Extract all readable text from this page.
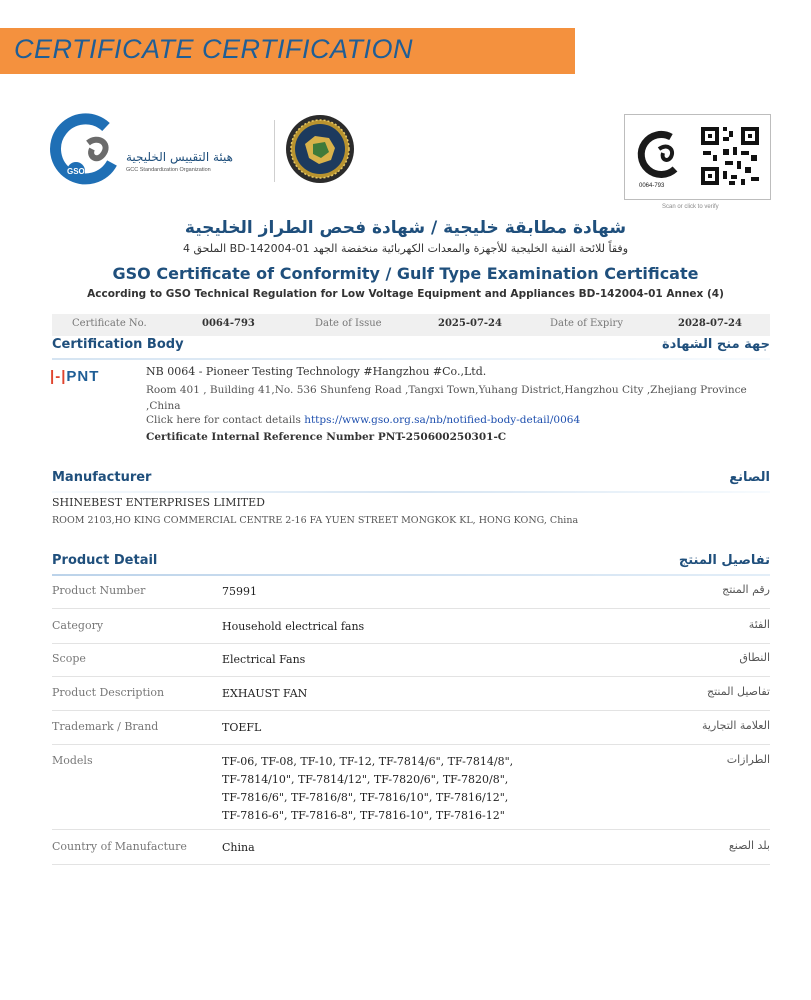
CERTIFICATE CERTIFICATION
GSO
هيئة التقييس الخليجية
GCC Standardization Organization
0064-793
Scan or click to verify
شهادة مطابقة خليجية / شهادة فحص الطراز الخليجية
وفقاً للائحة الفنية الخليجية للأجهزة والمعدات الكهربائية منخفضة الجهد BD-142004-01 الملحق 4
GSO Certificate of Conformity / Gulf Type Examination Certificate
According to GSO Technical Regulation for Low Voltage Equipment and Appliances BD-142004-01 Annex (4)
Certificate No.	0064-793	Date of Issue	2025-07-24	Date of Expiry	2028-07-24
Certification Body	جهة منح الشهادة
|-|PNT	NB 0064 - Pioneer Testing Technology #Hangzhou #Co.,Ltd.
Room 401 , Building 41,No. 536 Shunfeng Road ,Tangxi Town,Yuhang District,Hangzhou City ,Zhejiang Province ,China
Click here for contact details https://www.gso.org.sa/nb/notified-body-detail/0064
Certificate Internal Reference Number PNT-250600250301-C
Manufacturer	الصانع
SHINEBEST ENTERPRISES LIMITED
ROOM 2103,HO KING COMMERCIAL CENTRE 2-16 FA YUEN STREET MONGKOK KL, HONG KONG, China
Product Detail	تفاصيل المنتج
Product Number	75991	رقم المنتج
Category	Household electrical fans	الفئة
Scope	Electrical Fans	النطاق
Product Description	EXHAUST FAN	تفاصيل المنتج
Trademark / Brand	TOEFL	العلامة التجارية
Models	TF-06, TF-08, TF-10, TF-12, TF-7814/6", TF-7814/8",
TF-7814/10", TF-7814/12", TF-7820/6", TF-7820/8",
TF-7816/6", TF-7816/8", TF-7816/10", TF-7816/12",
TF-7816-6", TF-7816-8", TF-7816-10", TF-7816-12"
الطرازات
Country of Manufacture	China	بلد الصنع
